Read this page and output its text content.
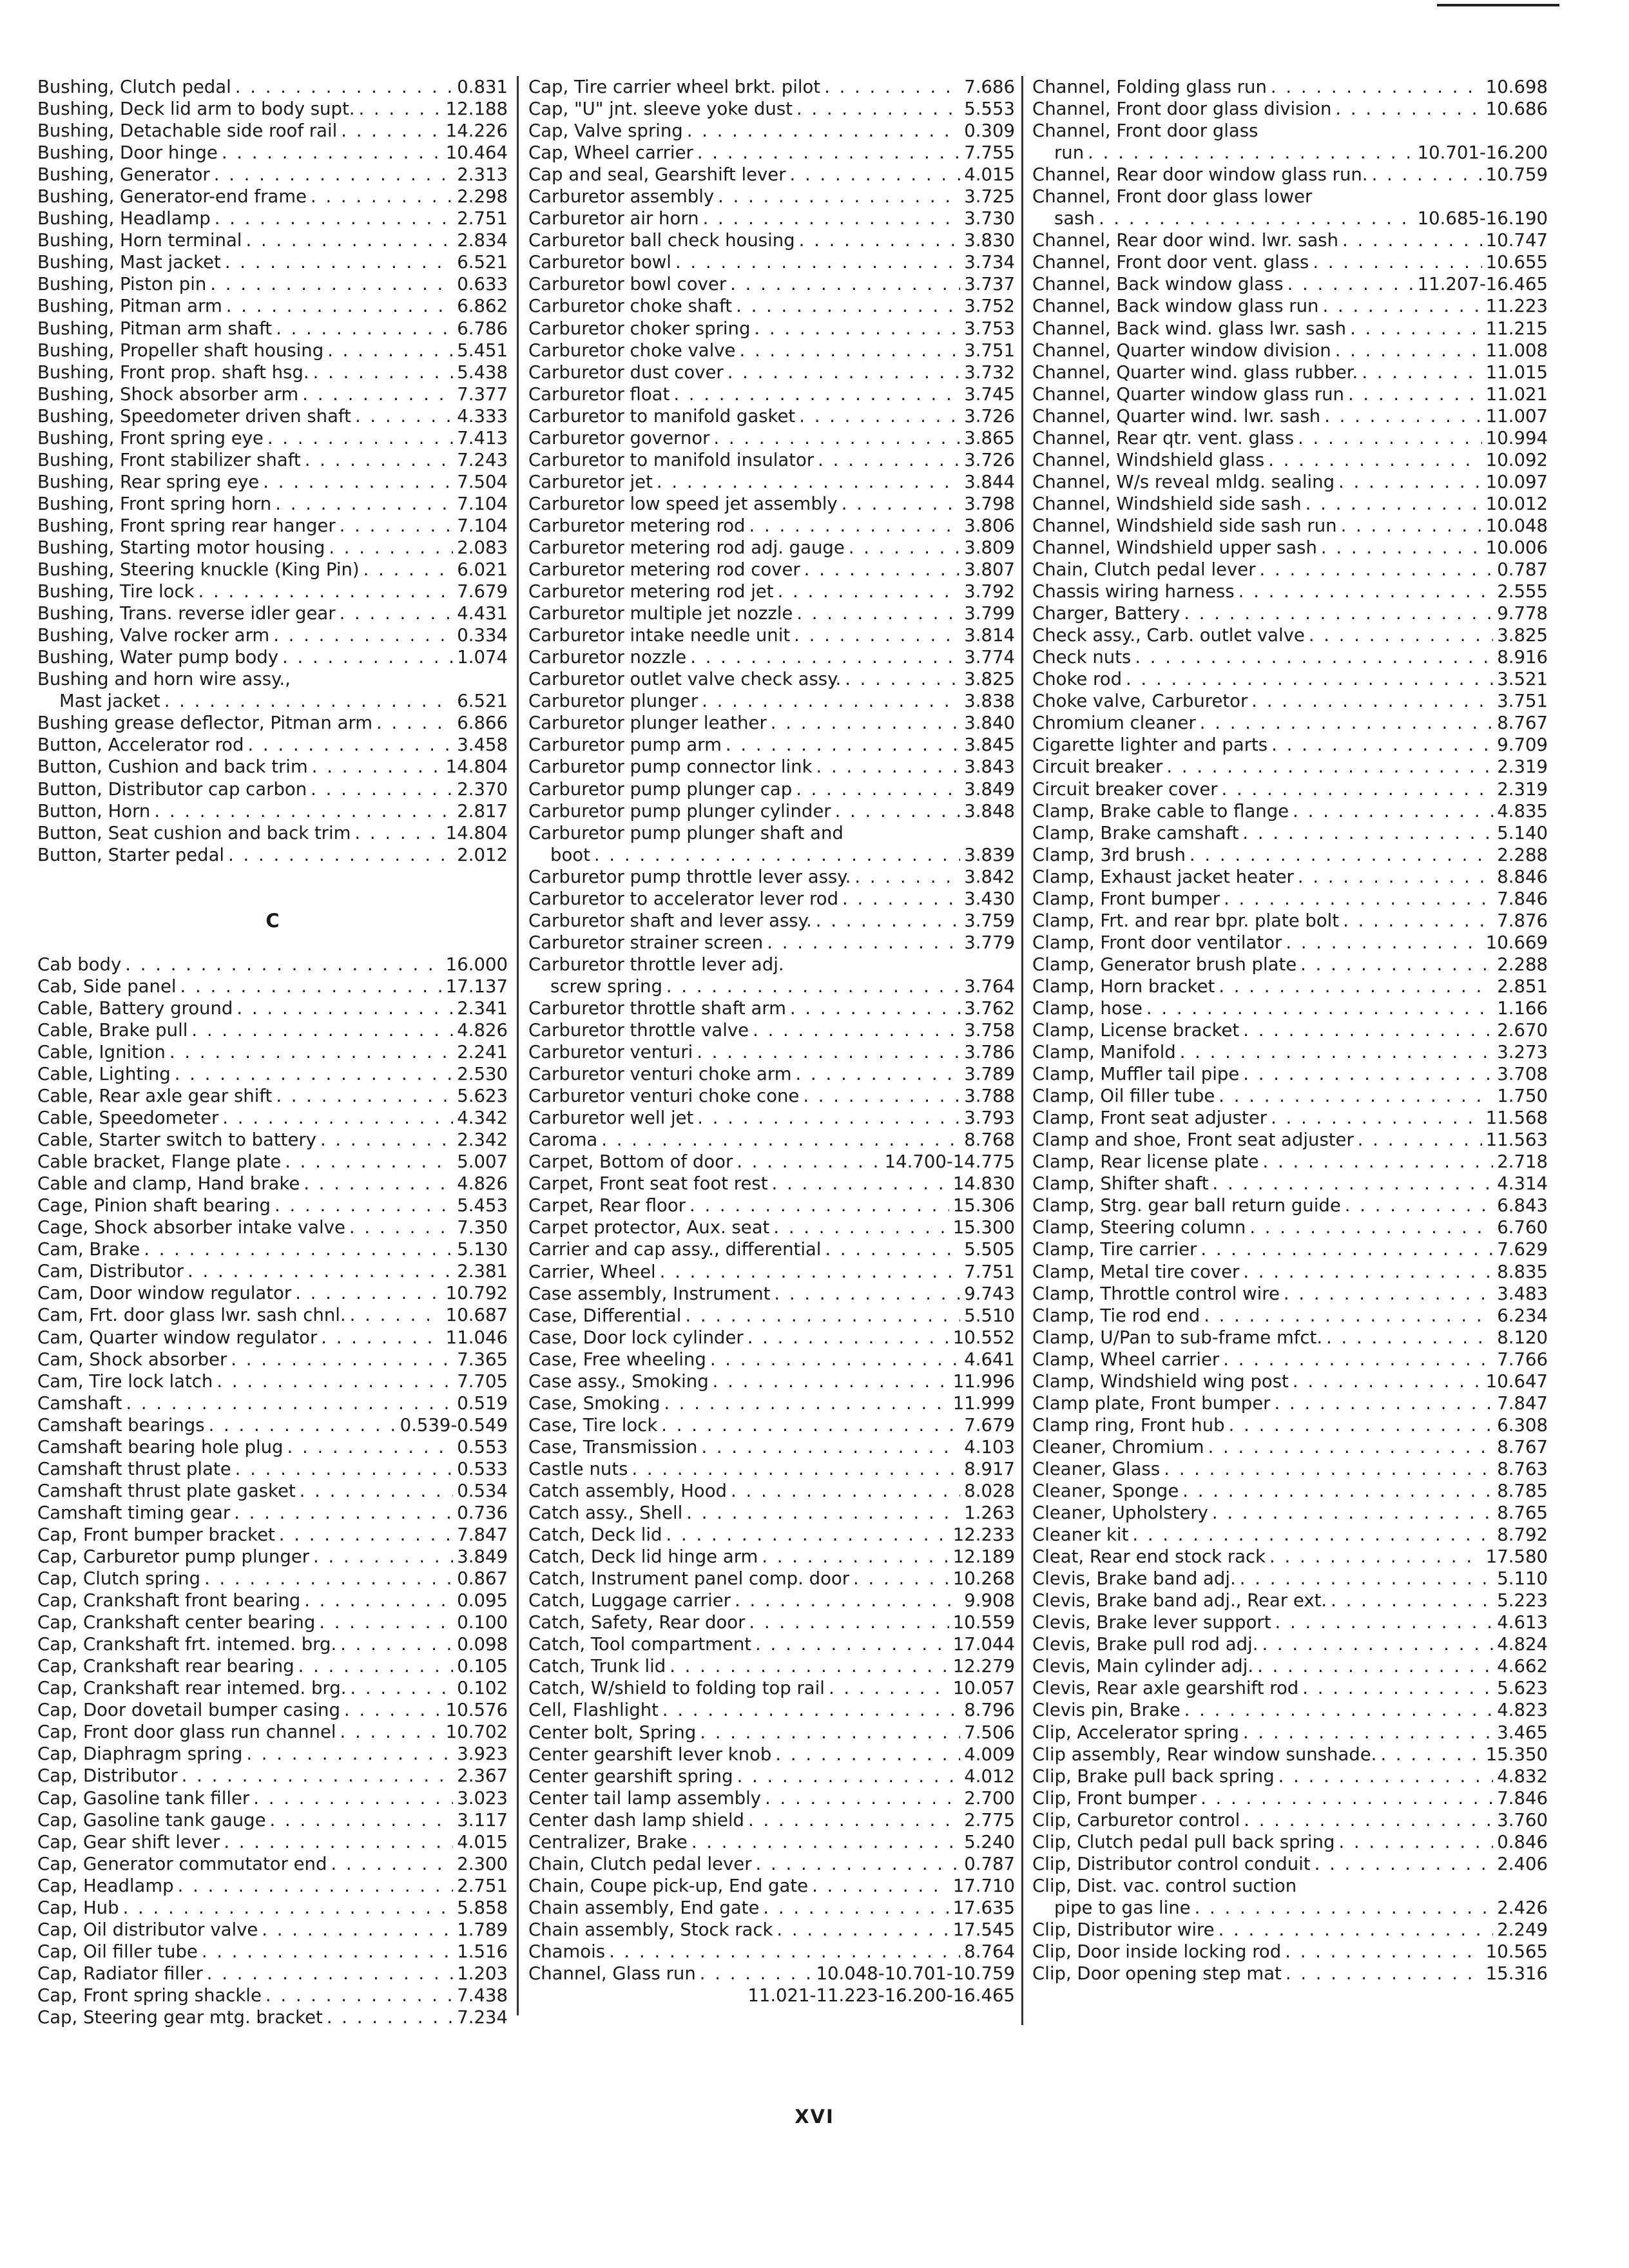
Bushing, Clutch pedal . . .	0.831
Bushing, Deck lid arm to body supt. . . .	12.188
Bushing, Detachable side roof rail . . .	14.226
Bushing, Door hinge . . .	10.464
Bushing, Generator . . .	2.313
Bushing, Generator-end frame . . .	2.298
Bushing, Headlamp . . .	2.751
Bushing, Horn terminal . . .	2.834
Bushing, Mast jacket . . .	6.521
Bushing, Piston pin . . .	0.633
Bushing, Pitman arm . . .	6.862
Bushing, Pitman arm shaft . . .	6.786
Bushing, Propeller shaft housing . . .	5.451
Bushing, Front prop. shaft hsg. . . .	5.438
Bushing, Shock absorber arm . . .	7.377
Bushing, Speedometer driven shaft . . .	4.333
Bushing, Front spring eye . . .	7.413
Bushing, Front stabilizer shaft . . .	7.243
Bushing, Rear spring eye . . .	7.504
Bushing, Front spring horn . . .	7.104
Bushing, Front spring rear hanger . . .	7.104
Bushing, Starting motor housing . . .	2.083
Bushing, Steering knuckle (King Pin) . . .	6.021
Bushing, Tire lock . . .	7.679
Bushing, Trans. reverse idler gear . . .	4.431
Bushing, Valve rocker arm . . .	0.334
Bushing, Water pump body . . .	1.074
Bushing and horn wire assy.,
Mast jacket . . .	6.521
Bushing grease deflector, Pitman arm . . .	6.866
Button, Accelerator rod . . .	3.458
Button, Cushion and back trim . . .	14.804
Button, Distributor cap carbon . . .	2.370
Button, Horn . . .	2.817
Button, Seat cushion and back trim . . .	14.804
Button, Starter pedal . . .	2.012
C
Cab body . . .	16.000
Cab, Side panel . . .	17.137
Cable, Battery ground . . .	2.341
Cable, Brake pull . . .	4.826
Cable, Ignition . . .	2.241
Cable, Lighting . . .	2.530
Cable, Rear axle gear shift . . .	5.623
Cable, Speedometer . . .	4.342
Cable, Starter switch to battery . . .	2.342
Cable bracket, Flange plate . . .	5.007
Cable and clamp, Hand brake . . .	4.826
Cage, Pinion shaft bearing . . .	5.453
Cage, Shock absorber intake valve . . .	7.350
Cam, Brake . . .	5.130
Cam, Distributor . . .	2.381
Cam, Door window regulator . . .	10.792
Cam, Frt. door glass lwr. sash chnl. . . .	10.687
Cam, Quarter window regulator . . .	11.046
Cam, Shock absorber . . .	7.365
Cam, Tire lock latch . . .	7.705
Camshaft . . .	0.519
Camshaft bearings . . .	0.539-0.549
Camshaft bearing hole plug . . .	0.553
Camshaft thrust plate . . .	0.533
Camshaft thrust plate gasket . . .	0.534
Camshaft timing gear . . .	0.736
Cap, Front bumper bracket . . .	7.847
Cap, Carburetor pump plunger . . .	3.849
Cap, Clutch spring . . .	0.867
Cap, Crankshaft front bearing . . .	0.095
Cap, Crankshaft center bearing . . .	0.100
Cap, Crankshaft frt. intemed. brg. . . .	0.098
Cap, Crankshaft rear bearing . . .	0.105
Cap, Crankshaft rear intemed. brg. . . .	0.102
Cap, Door dovetail bumper casing . . .	10.576
Cap, Front door glass run channel . . .	10.702
Cap, Diaphragm spring . . .	3.923
Cap, Distributor . . .	2.367
Cap, Gasoline tank filler . . .	3.023
Cap, Gasoline tank gauge . . .	3.117
Cap, Gear shift lever . . .	4.015
Cap, Generator commutator end . . .	2.300
Cap, Headlamp . . .	2.751
Cap, Hub . . .	5.858
Cap, Oil distributor valve . . .	1.789
Cap, Oil filler tube . . .	1.516
Cap, Radiator filler . . .	1.203
Cap, Front spring shackle . . .	7.438
Cap, Steering gear mtg. bracket . . .	7.234
Cap, Tire carrier wheel brkt. pilot . . .	7.686
Cap, "U" jnt. sleeve yoke dust . . .	5.553
Cap, Valve spring . . .	0.309
Cap, Wheel carrier . . .	7.755
Cap and seal, Gearshift lever . . .	4.015
Carburetor assembly . . .	3.725
Carburetor air horn . . .	3.730
Carburetor ball check housing . . .	3.830
Carburetor bowl . . .	3.734
Carburetor bowl cover . . .	3.737
Carburetor choke shaft . . .	3.752
Carburetor choker spring . . .	3.753
Carburetor choke valve . . .	3.751
Carburetor dust cover . . .	3.732
Carburetor float . . .	3.745
Carburetor to manifold gasket . . .	3.726
Carburetor governor . . .	3.865
Carburetor to manifold insulator . . .	3.726
Carburetor jet . . .	3.844
Carburetor low speed jet assembly . . .	3.798
Carburetor metering rod . . .	3.806
Carburetor metering rod adj. gauge . . .	3.809
Carburetor metering rod cover . . .	3.807
Carburetor metering rod jet . . .	3.792
Carburetor multiple jet nozzle . . .	3.799
Carburetor intake needle unit . . .	3.814
Carburetor nozzle . . .	3.774
Carburetor outlet valve check assy. . . .	3.825
Carburetor plunger . . .	3.838
Carburetor plunger leather . . .	3.840
Carburetor pump arm . . .	3.845
Carburetor pump connector link . . .	3.843
Carburetor pump plunger cap . . .	3.849
Carburetor pump plunger cylinder . . .	3.848
Carburetor pump plunger shaft and
boot . . .	3.839
Carburetor pump throttle lever assy. . . .	3.842
Carburetor to accelerator lever rod . . .	3.430
Carburetor shaft and lever assy. . . .	3.759
Carburetor strainer screen . . .	3.779
Carburetor throttle lever adj.
screw spring . . .	3.764
Carburetor throttle shaft arm . . .	3.762
Carburetor throttle valve . . .	3.758
Carburetor venturi . . .	3.786
Carburetor venturi choke arm . . .	3.789
Carburetor venturi choke cone . . .	3.788
Carburetor well jet . . .	3.793
Caroma . . .	8.768
Carpet, Bottom of door . . .	14.700-14.775
Carpet, Front seat foot rest . . .	14.830
Carpet, Rear floor . . .	15.306
Carpet protector, Aux. seat . . .	15.300
Carrier and cap assy., differential . . .	5.505
Carrier, Wheel . . .	7.751
Case assembly, Instrument . . .	9.743
Case, Differential . . .	5.510
Case, Door lock cylinder . . .	10.552
Case, Free wheeling . . .	4.641
Case assy., Smoking . . .	11.996
Case, Smoking . . .	11.999
Case, Tire lock . . .	7.679
Case, Transmission . . .	4.103
Castle nuts . . .	8.917
Catch assembly, Hood . . .	8.028
Catch assy., Shell . . .	1.263
Catch, Deck lid . . .	12.233
Catch, Deck lid hinge arm . . .	12.189
Catch, Instrument panel comp. door . . .	10.268
Catch, Luggage carrier . . .	9.908
Catch, Safety, Rear door . . .	10.559
Catch, Tool compartment . . .	17.044
Catch, Trunk lid . . .	12.279
Catch, W/shield to folding top rail . . .	10.057
Cell, Flashlight . . .	8.796
Center bolt, Spring . . .	7.506
Center gearshift lever knob . . .	4.009
Center gearshift spring . . .	4.012
Center tail lamp assembly . . .	2.700
Center dash lamp shield . . .	2.775
Centralizer, Brake . . .	5.240
Chain, Clutch pedal lever . . .	0.787
Chain, Coupe pick-up, End gate . . .	17.710
Chain assembly, End gate . . .	17.635
Chain assembly, Stock rack . . .	17.545
Chamois . . .	8.764
Channel, Glass run . . .	10.048-10.701-10.759
11.021-11.223-16.200-16.465
Channel, Folding glass run . . .	10.698
Channel, Front door glass division . . .	10.686
Channel, Front door glass
run . . .	10.701-16.200
Channel, Rear door window glass run. . . .	10.759
Channel, Front door glass lower
sash . . .	10.685-16.190
Channel, Rear door wind. lwr. sash . . .	10.747
Channel, Front door vent. glass . . .	10.655
Channel, Back window glass . . .	11.207-16.465
Channel, Back window glass run . . .	11.223
Channel, Back wind. glass lwr. sash . . .	11.215
Channel, Quarter window division . . .	11.008
Channel, Quarter wind. glass rubber. . . .	11.015
Channel, Quarter window glass run . . .	11.021
Channel, Quarter wind. lwr. sash . . .	11.007
Channel, Rear qtr. vent. glass . . .	10.994
Channel, Windshield glass . . .	10.092
Channel, W/s reveal mldg. sealing . . .	10.097
Channel, Windshield side sash . . .	10.012
Channel, Windshield side sash run . . .	10.048
Channel, Windshield upper sash . . .	10.006
Chain, Clutch pedal lever . . .	0.787
Chassis wiring harness . . .	2.555
Charger, Battery . . .	9.778
Check assy., Carb. outlet valve . . .	3.825
Check nuts . . .	8.916
Choke rod . . .	3.521
Choke valve, Carburetor . . .	3.751
Chromium cleaner . . .	8.767
Cigarette lighter and parts . . .	9.709
Circuit breaker . . .	2.319
Circuit breaker cover . . .	2.319
Clamp, Brake cable to flange . . .	4.835
Clamp, Brake camshaft . . .	5.140
Clamp, 3rd brush . . .	2.288
Clamp, Exhaust jacket heater . . .	8.846
Clamp, Front bumper . . .	7.846
Clamp, Frt. and rear bpr. plate bolt . . .	7.876
Clamp, Front door ventilator . . .	10.669
Clamp, Generator brush plate . . .	2.288
Clamp, Horn bracket . . .	2.851
Clamp, hose . . .	1.166
Clamp, License bracket . . .	2.670
Clamp, Manifold . . .	3.273
Clamp, Muffler tail pipe . . .	3.708
Clamp, Oil filler tube . . .	1.750
Clamp, Front seat adjuster . . .	11.568
Clamp and shoe, Front seat adjuster . . .	11.563
Clamp, Rear license plate . . .	2.718
Clamp, Shifter shaft . . .	4.314
Clamp, Strg. gear ball return guide . . .	6.843
Clamp, Steering column . . .	6.760
Clamp, Tire carrier . . .	7.629
Clamp, Metal tire cover . . .	8.835
Clamp, Throttle control wire . . .	3.483
Clamp, Tie rod end . . .	6.234
Clamp, U/Pan to sub-frame mfct. . . .	8.120
Clamp, Wheel carrier . . .	7.766
Clamp, Windshield wing post . . .	10.647
Clamp plate, Front bumper . . .	7.847
Clamp ring, Front hub . . .	6.308
Cleaner, Chromium . . .	8.767
Cleaner, Glass . . .	8.763
Cleaner, Sponge . . .	8.785
Cleaner, Upholstery . . .	8.765
Cleaner kit . . .	8.792
Cleat, Rear end stock rack . . .	17.580
Clevis, Brake band adj. . . .	5.110
Clevis, Brake band adj., Rear ext. . . .	5.223
Clevis, Brake lever support . . .	4.613
Clevis, Brake pull rod adj. . . .	4.824
Clevis, Main cylinder adj. . . .	4.662
Clevis, Rear axle gearshift rod . . .	5.623
Clevis pin, Brake . . .	4.823
Clip, Accelerator spring . . .	3.465
Clip assembly, Rear window sunshade. . . .	15.350
Clip, Brake pull back spring . . .	4.832
Clip, Front bumper . . .	7.846
Clip, Carburetor control . . .	3.760
Clip, Clutch pedal pull back spring . . .	0.846
Clip, Distributor control conduit . . .	2.406
Clip, Dist. vac. control suction
pipe to gas line . . .	2.426
Clip, Distributor wire . . .	2.249
Clip, Door inside locking rod . . .	10.565
Clip, Door opening step mat . . .	15.316
XVI
